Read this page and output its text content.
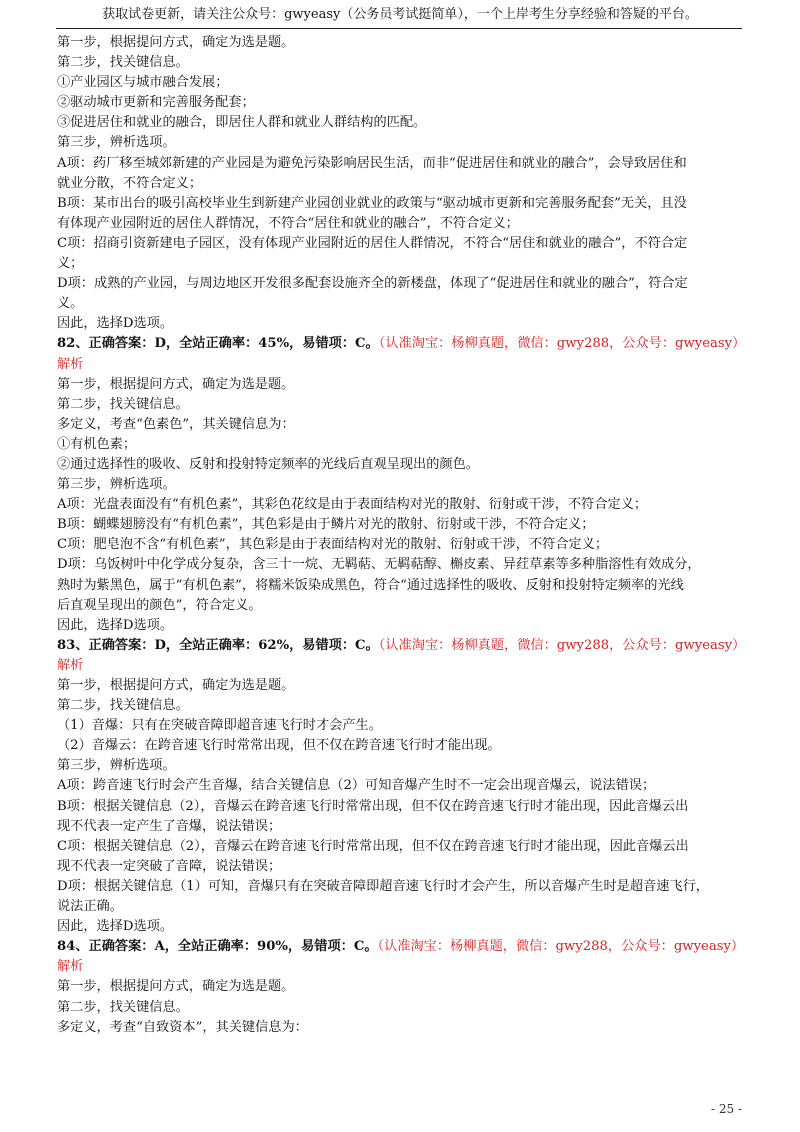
获取试卷更新，请关注公众号：gwyeasy（公务员考试挺简单），一个上岸考生分享经验和答疑的平台。
第一步，根据提问方式，确定为选是题。
第二步，找关键信息。
①产业园区与城市融合发展；
②驱动城市更新和完善服务配套；
③促进居住和就业的融合，即居住人群和就业人群结构的匹配。
第三步，辨析选项。
A项：药厂移至城郊新建的产业园是为避免污染影响居民生活，而非“促进居住和就业的融合”，会导致居住和
就业分散，不符合定义；
B项：某市出台的吸引高校毕业生到新建产业园创业就业的政策与“驱动城市更新和完善服务配套”无关，且没
有体现产业园附近的居住人群情况，不符合“居住和就业的融合”，不符合定义；
C项：招商引资新建电子园区，没有体现产业园附近的居住人群情况，不符合“居住和就业的融合”，不符合定
义；
D项：成熟的产业园，与周边地区开发很多配套设施齐全的新楼盘，体现了“促进居住和就业的融合”，符合定
义。
因此，选择D选项。
82、正确答案：D，全站正确率：45%，易错项：C。（认准淘宝：杨柳真题，微信：gwy288，公众号：gwyeasy）
解析
第一步，根据提问方式，确定为选是题。
第二步，找关键信息。
多定义，考查“色素色”，其关键信息为：
①有机色素；
②通过选择性的吸收、反射和投射特定频率的光线后直观呈现出的颜色。
第三步，辨析选项。
A项：光盘表面没有“有机色素”，其彩色花纹是由于表面结构对光的散射、衍射或干涉，不符合定义；
B项：蝴蝶翅膀没有“有机色素”，其色彩是由于鳞片对光的散射、衍射或干涉，不符合定义；
C项：肥皂泡不含“有机色素”，其色彩是由于表面结构对光的散射、衍射或干涉，不符合定义；
D项：乌饭树叶中化学成分复杂，含三十一烷、无羁萜、无羁萜醇、槲皮素、异荭草素等多种脂溶性有效成分，
熟时为紫黑色，属于“有机色素”，将糯米饭染成黑色，符合“通过选择性的吸收、反射和投射特定频率的光线
后直观呈现出的颜色”，符合定义。
因此，选择D选项。
83、正确答案：D，全站正确率：62%，易错项：C。（认准淘宝：杨柳真题，微信：gwy288，公众号：gwyeasy）
解析
第一步，根据提问方式，确定为选是题。
第二步，找关键信息。
（1）音爆：只有在突破音障即超音速飞行时才会产生。
（2）音爆云：在跨音速飞行时常常出现，但不仅在跨音速飞行时才能出现。
第三步，辨析选项。
A项：跨音速飞行时会产生音爆，结合关键信息（2）可知音爆产生时不一定会出现音爆云，说法错误；
B项：根据关键信息（2），音爆云在跨音速飞行时常常出现，但不仅在跨音速飞行时才能出现，因此音爆云出
现不代表一定产生了音爆，说法错误；
C项：根据关键信息（2），音爆云在跨音速飞行时常常出现，但不仅在跨音速飞行时才能出现，因此音爆云出
现不代表一定突破了音障，说法错误；
D项：根据关键信息（1）可知，音爆只有在突破音障即超音速飞行时才会产生，所以音爆产生时是超音速飞行，
说法正确。
因此，选择D选项。
84、正确答案：A，全站正确率：90%，易错项：C。（认准淘宝：杨柳真题，微信：gwy288，公众号：gwyeasy）
解析
第一步，根据提问方式，确定为选是题。
第二步，找关键信息。
多定义，考查“自致资本”，其关键信息为：
- 25 -
